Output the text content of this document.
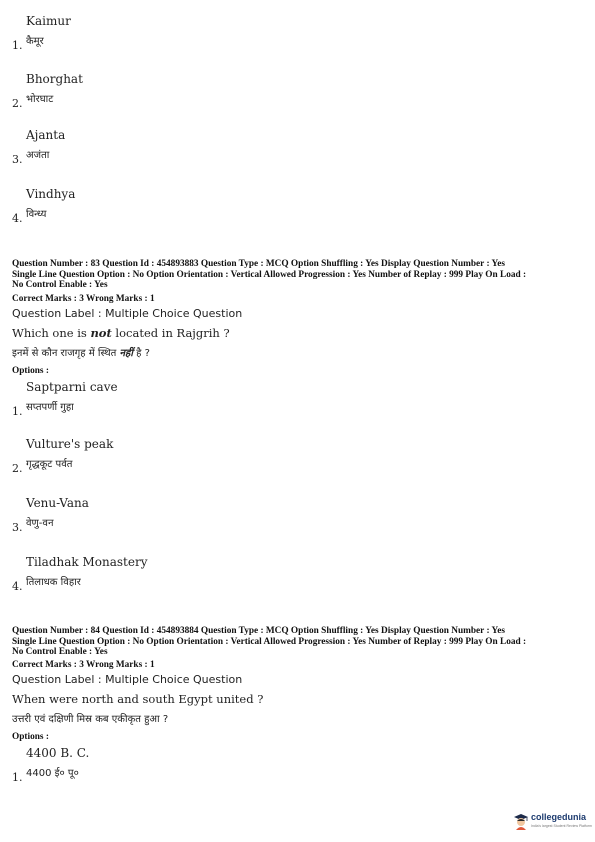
Kaimur
कैमूर
1.
Bhorghat
भोरघाट
2.
Ajanta
अजंता
3.
Vindhya
विन्ध्य
4.
Question Number : 83 Question Id : 454893883 Question Type : MCQ Option Shuffling : Yes Display Question Number : Yes
Single Line Question Option : No Option Orientation : Vertical Allowed Progression : Yes Number of Replay : 999 Play On Load :
No Control Enable : Yes
Correct Marks : 3 Wrong Marks : 1
Question Label : Multiple Choice Question
Which one is not located in Rajgrih ?
इनमें से कौन राजगृह में स्थित नहीं है ?
Options :
Saptparni cave
सप्तपर्णी गुहा
1.
Vulture's peak
गृद्धकूट पर्वत
2.
Venu-Vana
वेणु-वन
3.
Tiladhak Monastery
तिलाधक विहार
4.
Question Number : 84 Question Id : 454893884 Question Type : MCQ Option Shuffling : Yes Display Question Number : Yes
Single Line Question Option : No Option Orientation : Vertical Allowed Progression : Yes Number of Replay : 999 Play On Load :
No Control Enable : Yes
Correct Marks : 3 Wrong Marks : 1
Question Label : Multiple Choice Question
When were north and south Egypt united ?
उत्तरी एवं दक्षिणी मिस्र कब एकीकृत हुआ ?
Options :
4400 B. C.
4400 ई० पू०
1.
collegedunia
India's largest Student Review Platform
